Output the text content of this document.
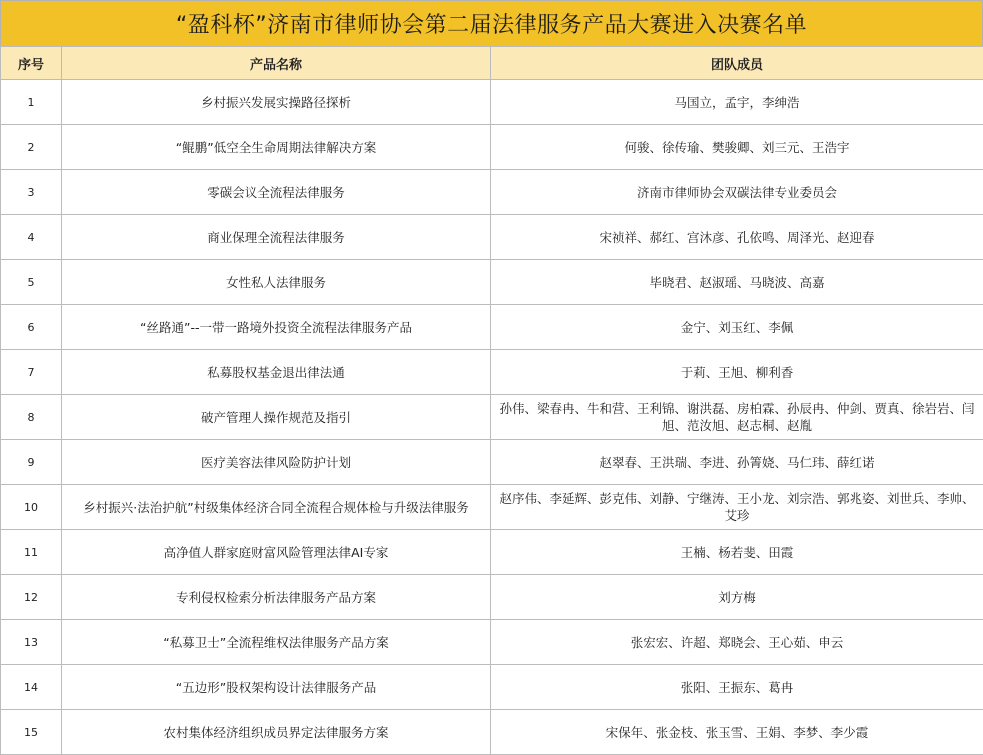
“盈科杯”济南市律师协会第二届法律服务产品大赛进入决赛名单
序号	产品名称	团队成员
1	乡村振兴发展实操路径探析	马国立，孟宇，李绅浩
2	“鲲鹏”低空全生命周期法律解决方案	何骏、徐传瑜、樊骏卿、刘三元、王浩宇
3	零碳会议全流程法律服务	济南市律师协会双碳法律专业委员会
4	商业保理全流程法律服务	宋祯祥、郝红、宫沐彦、孔依鸣、周泽光、赵迎春
5	女性私人法律服务	毕晓君、赵淑瑶、马晓波、高嘉
6	“丝路通”--一带一路境外投资全流程法律服务产品	金宁、刘玉红、李佩
7	私募股权基金退出律法通	于莉、王旭、柳利香
8	破产管理人操作规范及指引	孙伟、梁春冉、牛和营、王利锦、谢洪磊、房柏霖、孙辰冉、仲剑、贾真、徐岩岩、闫旭、范汝旭、赵志桐、赵胤
9	医疗美容法律风险防护计划	赵翠春、王洪瑞、李进、孙箐娆、马仁玮、薛红诺
10	乡村振兴·法治护航”村级集体经济合同全流程合规体检与升级法律服务	赵序伟、李延辉、彭克伟、刘静、宁继涛、王小龙、刘宗浩、郭兆姿、刘世兵、李帅、艾珍
11	高净值人群家庭财富风险管理法律AI专家	王楠、杨若斐、田霞
12	专利侵权检索分析法律服务产品方案	刘方梅
13	“私募卫士”全流程维权法律服务产品方案	张宏宏、许超、郑晓会、王心茹、申云
14	“五边形”股权架构设计法律服务产品	张阳、王振东、葛冉
15	农村集体经济组织成员界定法律服务方案	宋保年、张金枝、张玉雪、王娟、李梦、李少霞
